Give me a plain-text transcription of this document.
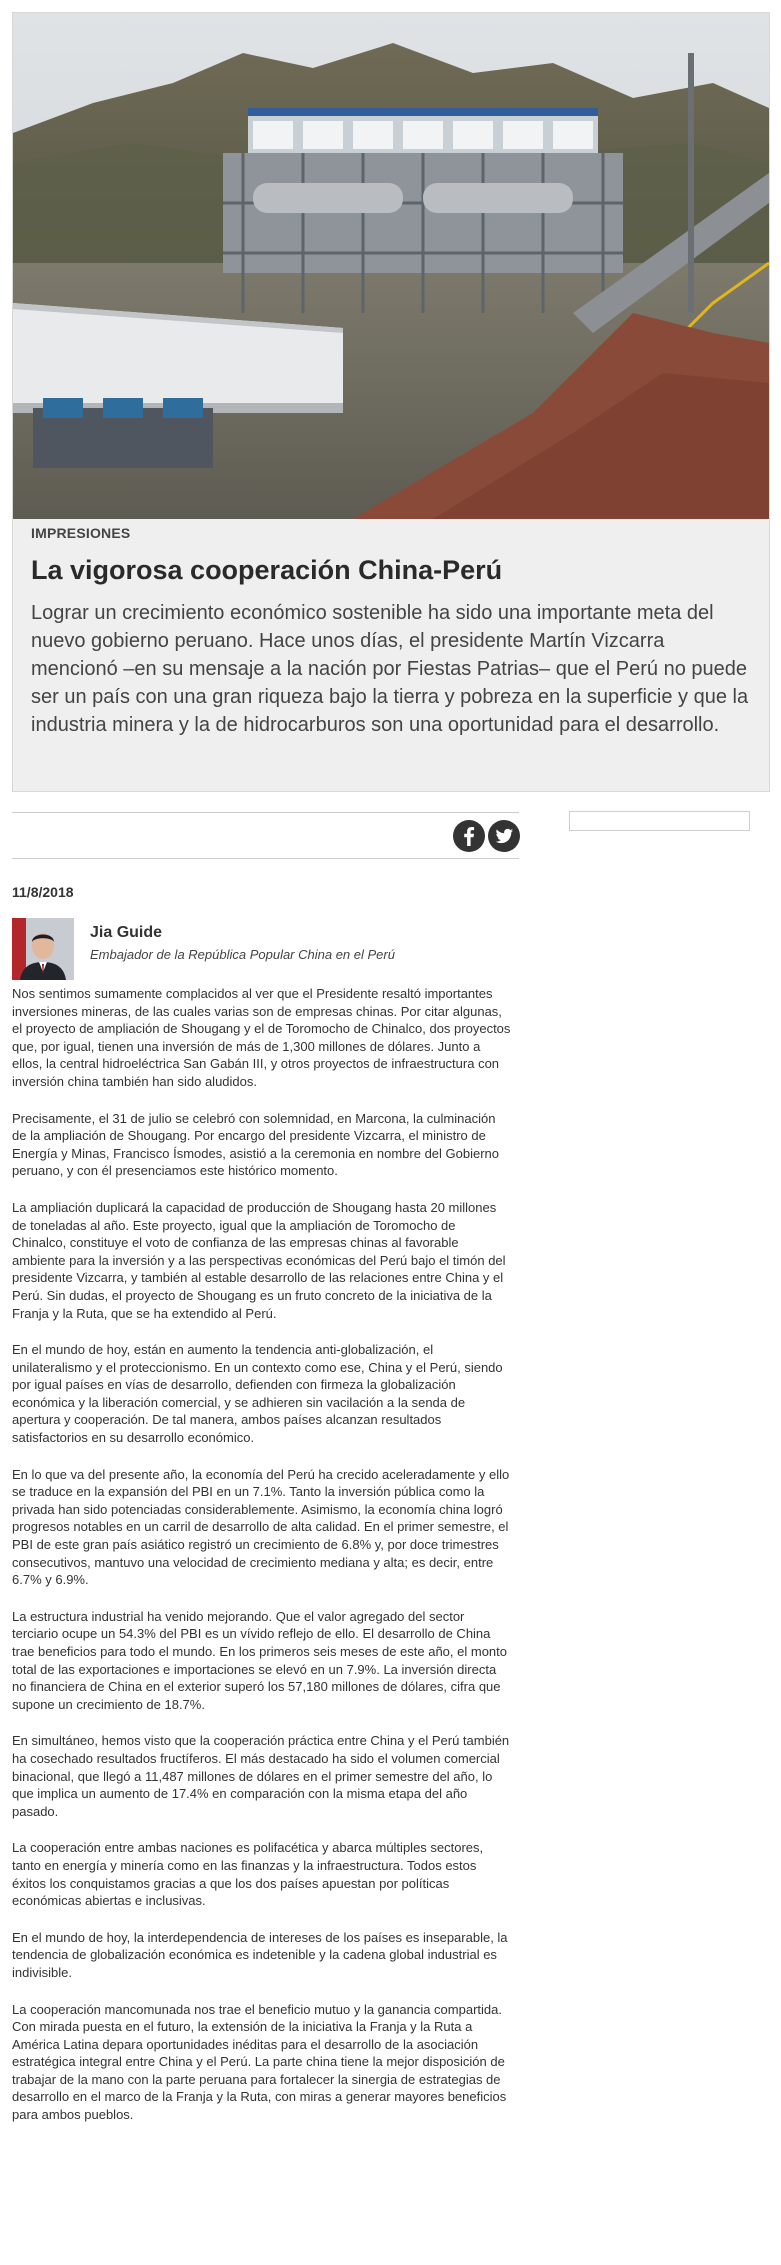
IMPRESIONES
La vigorosa cooperación China-Perú

Lograr un crecimiento económico sostenible ha sido una importante meta del nuevo gobierno peruano. Hace unos días, el presidente Martín Vizcarra mencionó –en su mensaje a la nación por Fiestas Patrias– que el Perú no puede ser un país con una gran riqueza bajo la tierra y pobreza en la superficie y que la industria minera y la de hidrocarburos son una oportunidad para el desarrollo.

11/8/2018
Jia Guide
Embajador de la República Popular China en el Perú

Nos sentimos sumamente complacidos al ver que el Presidente resaltó importantes inversiones mineras, de las cuales varias son de empresas chinas. Por citar algunas, el proyecto de ampliación de Shougang y el de Toromocho de Chinalco, dos proyectos que, por igual, tienen una inversión de más de 1,300 millones de dólares. Junto a ellos, la central hidroeléctrica San Gabán III, y otros proyectos de infraestructura con inversión china también han sido aludidos.

Precisamente, el 31 de julio se celebró con solemnidad, en Marcona, la culminación de la ampliación de Shougang. Por encargo del presidente Vizcarra, el ministro de Energía y Minas, Francisco Ísmodes, asistió a la ceremonia en nombre del Gobierno peruano, y con él presenciamos este histórico momento.

La ampliación duplicará la capacidad de producción de Shougang hasta 20 millones de toneladas al año. Este proyecto, igual que la ampliación de Toromocho de Chinalco, constituye el voto de confianza de las empresas chinas al favorable ambiente para la inversión y a las perspectivas económicas del Perú bajo el timón del presidente Vizcarra, y también al estable desarrollo de las relaciones entre China y el Perú. Sin dudas, el proyecto de Shougang es un fruto concreto de la iniciativa de la Franja y la Ruta, que se ha extendido al Perú.

En el mundo de hoy, están en aumento la tendencia anti-globalización, el unilateralismo y el proteccionismo. En un contexto como ese, China y el Perú, siendo por igual países en vías de desarrollo, defienden con firmeza la globalización económica y la liberación comercial, y se adhieren sin vacilación a la senda de apertura y cooperación. De tal manera, ambos países alcanzan resultados satisfactorios en su desarrollo económico.

En lo que va del presente año, la economía del Perú ha crecido aceleradamente y ello se traduce en la expansión del PBI en un 7.1%. Tanto la inversión pública como la privada han sido potenciadas considerablemente. Asimismo, la economía china logró progresos notables en un carril de desarrollo de alta calidad. En el primer semestre, el PBI de este gran país asiático registró un crecimiento de 6.8% y, por doce trimestres consecutivos, mantuvo una velocidad de crecimiento mediana y alta; es decir, entre 6.7% y 6.9%.

La estructura industrial ha venido mejorando. Que el valor agregado del sector terciario ocupe un 54.3% del PBI es un vívido reflejo de ello. El desarrollo de China trae beneficios para todo el mundo. En los primeros seis meses de este año, el monto total de las exportaciones e importaciones se elevó en un 7.9%. La inversión directa no financiera de China en el exterior superó los 57,180 millones de dólares, cifra que supone un crecimiento de 18.7%.

En simultáneo, hemos visto que la cooperación práctica entre China y el Perú también ha cosechado resultados fructíferos. El más destacado ha sido el volumen comercial binacional, que llegó a 11,487 millones de dólares en el primer semestre del año, lo que implica un aumento de 17.4% en comparación con la misma etapa del año pasado.

La cooperación entre ambas naciones es polifacética y abarca múltiples sectores, tanto en energía y minería como en las finanzas y la infraestructura. Todos estos éxitos los conquistamos gracias a que los dos países apuestan por políticas económicas abiertas e inclusivas.

En el mundo de hoy, la interdependencia de intereses de los países es inseparable, la tendencia de globalización económica es indetenible y la cadena global industrial es indivisible.

La cooperación mancomunada nos trae el beneficio mutuo y la ganancia compartida. Con mirada puesta en el futuro, la extensión de la iniciativa la Franja y la Ruta a América Latina depara oportunidades inéditas para el desarrollo de la asociación estratégica integral entre China y el Perú. La parte china tiene la mejor disposición de trabajar de la mano con la parte peruana para fortalecer la sinergia de estrategias de desarrollo en el marco de la Franja y la Ruta, con miras a generar mayores beneficios para ambos pueblos.
